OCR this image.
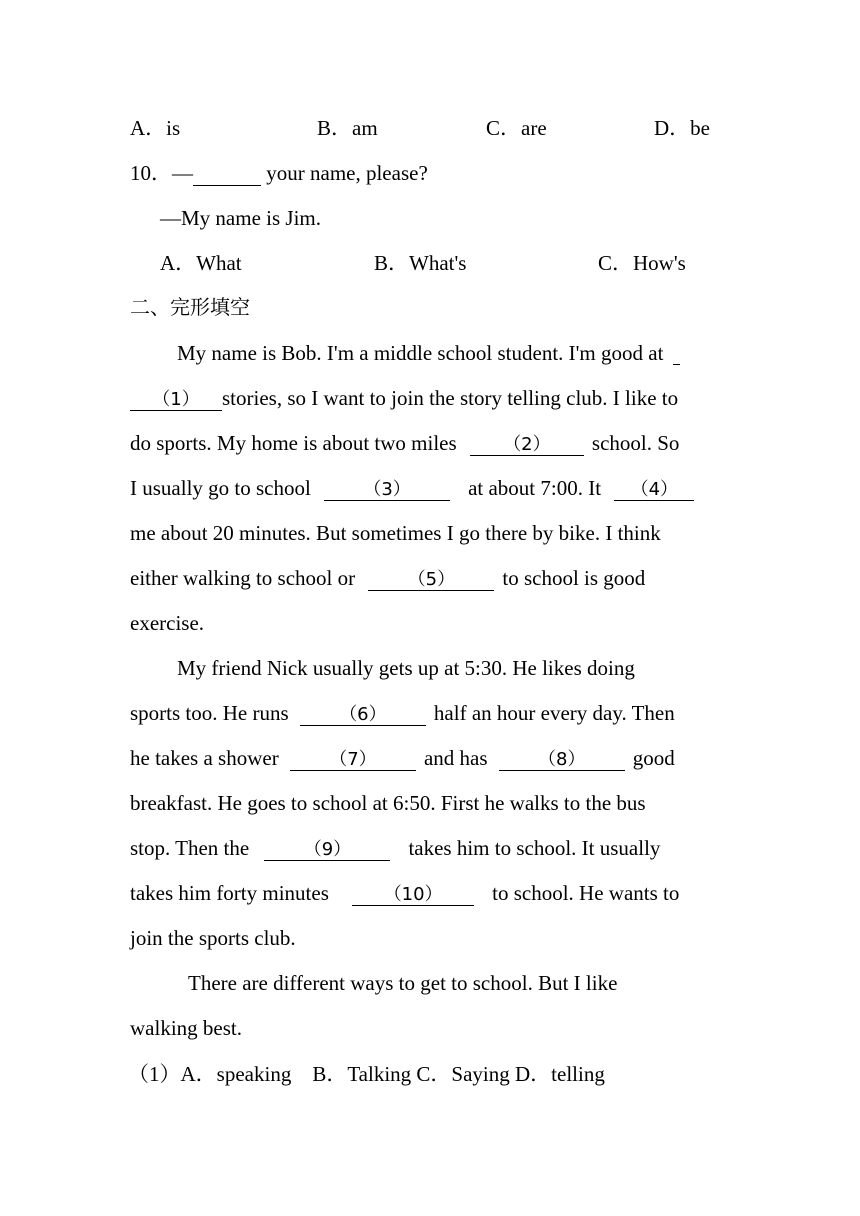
A．is	B．am	C．are	D．be
10．—	your name, please?
—My name is Jim.
A．What	B．What's	C．How's
二、完形填空
My name is Bob. I'm a middle school student. I'm good at
（1） stories, so I want to join the story telling club. I like to
do sports. My home is about two miles	（2） school. So
I usually go to school	（3）	at about 7:00. It （4）
me about 20 minutes. But sometimes I go there by bike. I think
either walking to school or	（5） to school is good
exercise.
My friend Nick usually gets up at 5:30. He likes doing
sports too. He runs	（6） half an hour every day. Then
he takes a shower	（7） and has	（8） good
breakfast. He goes to school at 6:50. First he walks to the bus
stop. Then the	（9）	takes him to school. It usually
takes him forty minutes	（10） to school. He wants to
join the sports club.
There are different ways to get to school. But I like
walking best.
（1）A．speaking    B．Talking C．Saying D．telling
